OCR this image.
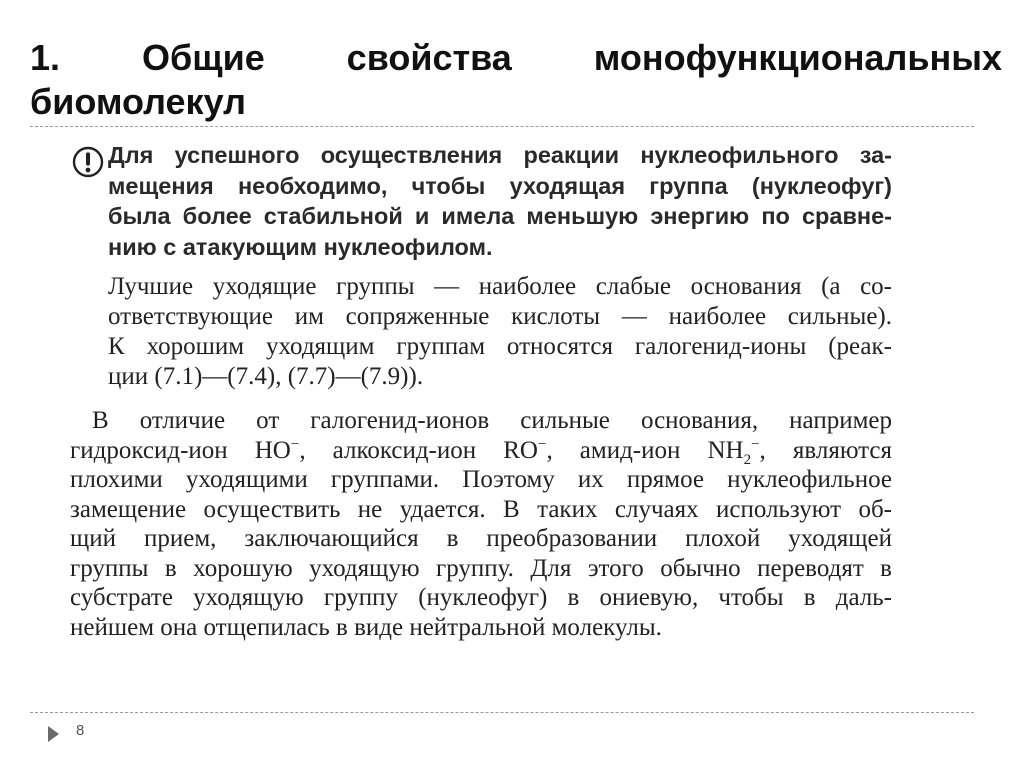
1. Общие свойства монофункциональных
биомолекул
Для успешного осуществления реакции нуклеофильного за-
мещения необходимо, чтобы уходящая группа (нуклеофуг)
была более стабильной и имела меньшую энергию по сравне-
нию с атакующим нуклеофилом.
Лучшие уходящие группы — наиболее слабые основания (а со-
ответствующие им сопряженные кислоты — наиболее сильные).
К хорошим уходящим группам относятся галогенид-ионы (реак-
ции (7.1)—(7.4), (7.7)—(7.9)).
В отличие от галогенид-ионов сильные основания, например
гидроксид-ион HO−, алкоксид-ион RO−, амид-ион $NH_2^-$, являются
плохими уходящими группами. Поэтому их прямое нуклеофильное
замещение осуществить не удается. В таких случаях используют об-
щий прием, заключающийся в преобразовании плохой уходящей
группы в хорошую уходящую группу. Для этого обычно переводят в
субстрате уходящую группу (нуклеофуг) в ониевую, чтобы в даль-
нейшем она отщепилась в виде нейтральной молекулы.
8
